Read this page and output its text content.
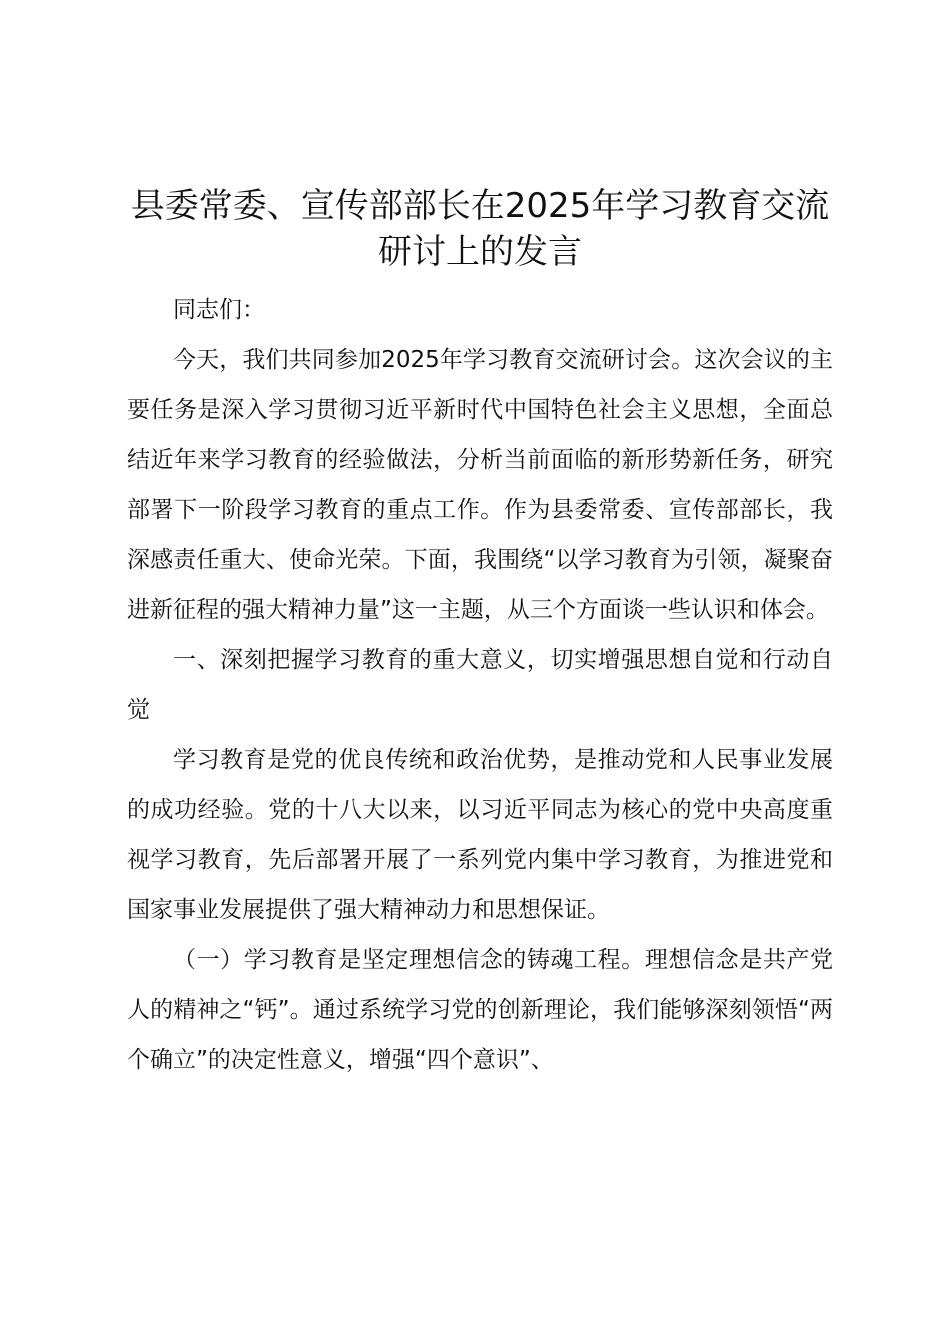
县委常委、宣传部部长在2025年学习教育交流研讨上的发言

同志们：

今天，我们共同参加2025年学习教育交流研讨会。这次会议的主要任务是深入学习贯彻习近平新时代中国特色社会主义思想，全面总结近年来学习教育的经验做法，分析当前面临的新形势新任务，研究部署下一阶段学习教育的重点工作。作为县委常委、宣传部部长，我深感责任重大、使命光荣。下面，我围绕“以学习教育为引领，凝聚奋进新征程的强大精神力量”这一主题，从三个方面谈一些认识和体会。

一、深刻把握学习教育的重大意义，切实增强思想自觉和行动自觉

学习教育是党的优良传统和政治优势，是推动党和人民事业发展的成功经验。党的十八大以来，以习近平同志为核心的党中央高度重视学习教育，先后部署开展了一系列党内集中学习教育，为推进党和国家事业发展提供了强大精神动力和思想保证。

（一）学习教育是坚定理想信念的铸魂工程。理想信念是共产党人的精神之“钙”。通过系统学习党的创新理论，我们能够深刻领悟“两个确立”的决定性意义，增强“四个意识”、
